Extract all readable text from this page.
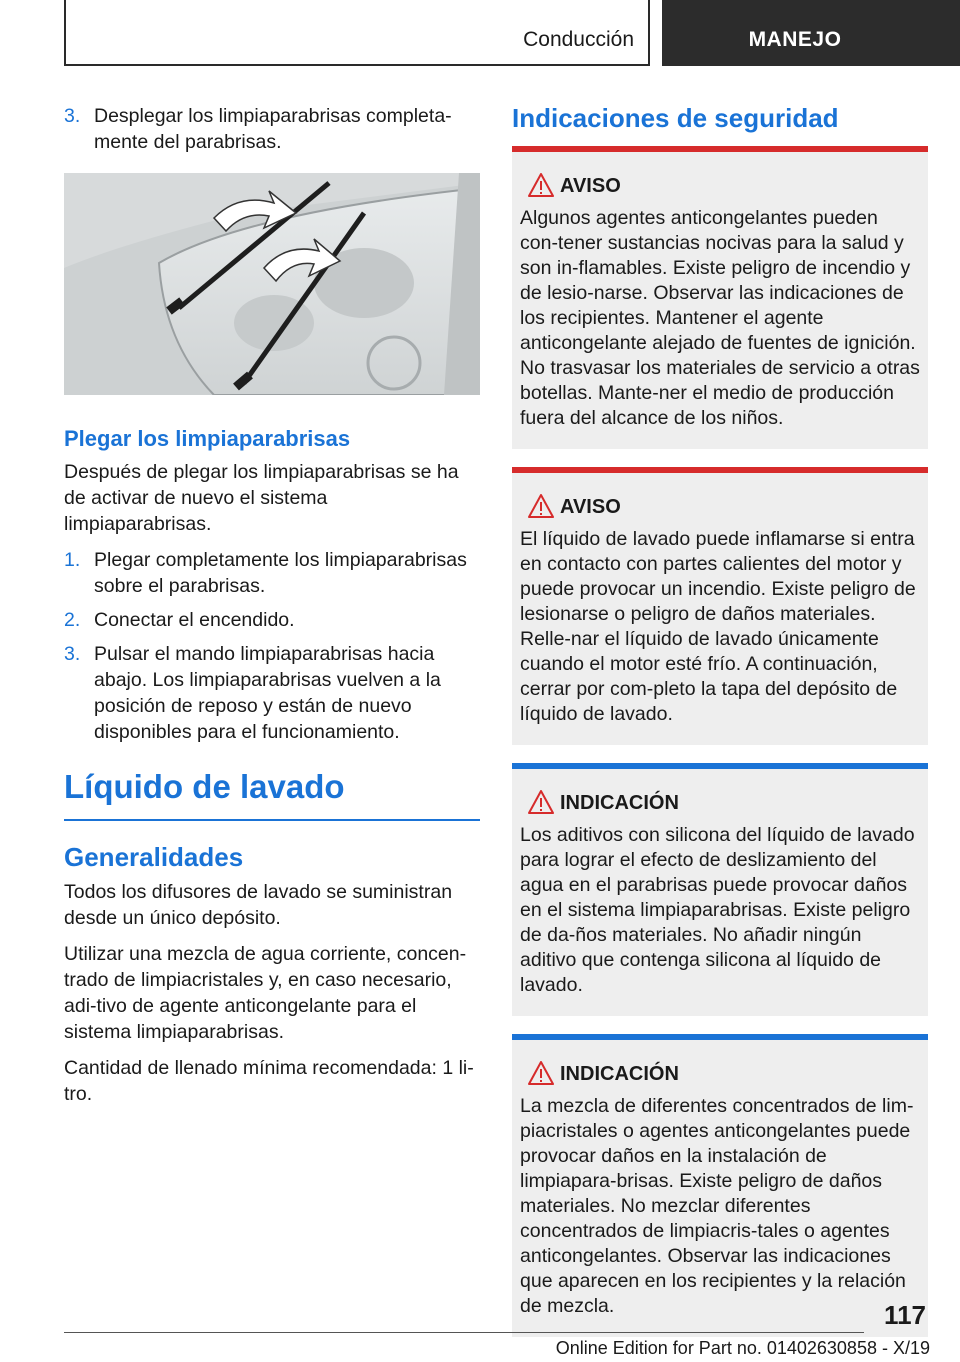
Conducción	MANEJO
3. Desplegar los limpiaparabrisas completa-mente del parabrisas.
Plegar los limpiaparabrisas

Después de plegar los limpiaparabrisas se ha de activar de nuevo el sistema limpiaparabrisas.

1. Plegar completamente los limpiaparabrisas sobre el parabrisas.
2. Conectar el encendido.
3. Pulsar el mando limpiaparabrisas hacia abajo. Los limpiaparabrisas vuelven a la posición de reposo y están de nuevo disponibles para el funcionamiento.
Líquido de lavado
Generalidades

Todos los difusores de lavado se suministran desde un único depósito.

Utilizar una mezcla de agua corriente, concen-trado de limpiacristales y, en caso necesario, adi-tivo de agente anticongelante para el sistema limpiaparabrisas.

Cantidad de llenado mínima recomendada: 1 li-tro.

Indicaciones de seguridad
AVISO

Algunos agentes anticongelantes pueden con-tener sustancias nocivas para la salud y son in-flamables. Existe peligro de incendio y de lesio-narse. Observar las indicaciones de los recipientes. Mantener el agente anticongelante alejado de fuentes de ignición. No trasvasar los materiales de servicio a otras botellas. Mante-ner el medio de producción fuera del alcance de los niños.

AVISO

El líquido de lavado puede inflamarse si entra en contacto con partes calientes del motor y puede provocar un incendio. Existe peligro de lesionarse o peligro de daños materiales. Relle-nar el líquido de lavado únicamente cuando el motor esté frío. A continuación, cerrar por com-pleto la tapa del depósito de líquido de lavado.

INDICACIÓN

Los aditivos con silicona del líquido de lavado para lograr el efecto de deslizamiento del agua en el parabrisas puede provocar daños en el sistema limpiaparabrisas. Existe peligro de da-ños materiales. No añadir ningún aditivo que contenga silicona al líquido de lavado.

INDICACIÓN

La mezcla de diferentes concentrados de lim-piacristales o agentes anticongelantes puede provocar daños en la instalación de limpiapara-brisas. Existe peligro de daños materiales. No mezclar diferentes concentrados de limpiacris-tales o agentes anticongelantes. Observar las indicaciones que aparecen en los recipientes y la relación de mezcla.	117
Online Edition for Part no. 01402630858 - X/19
